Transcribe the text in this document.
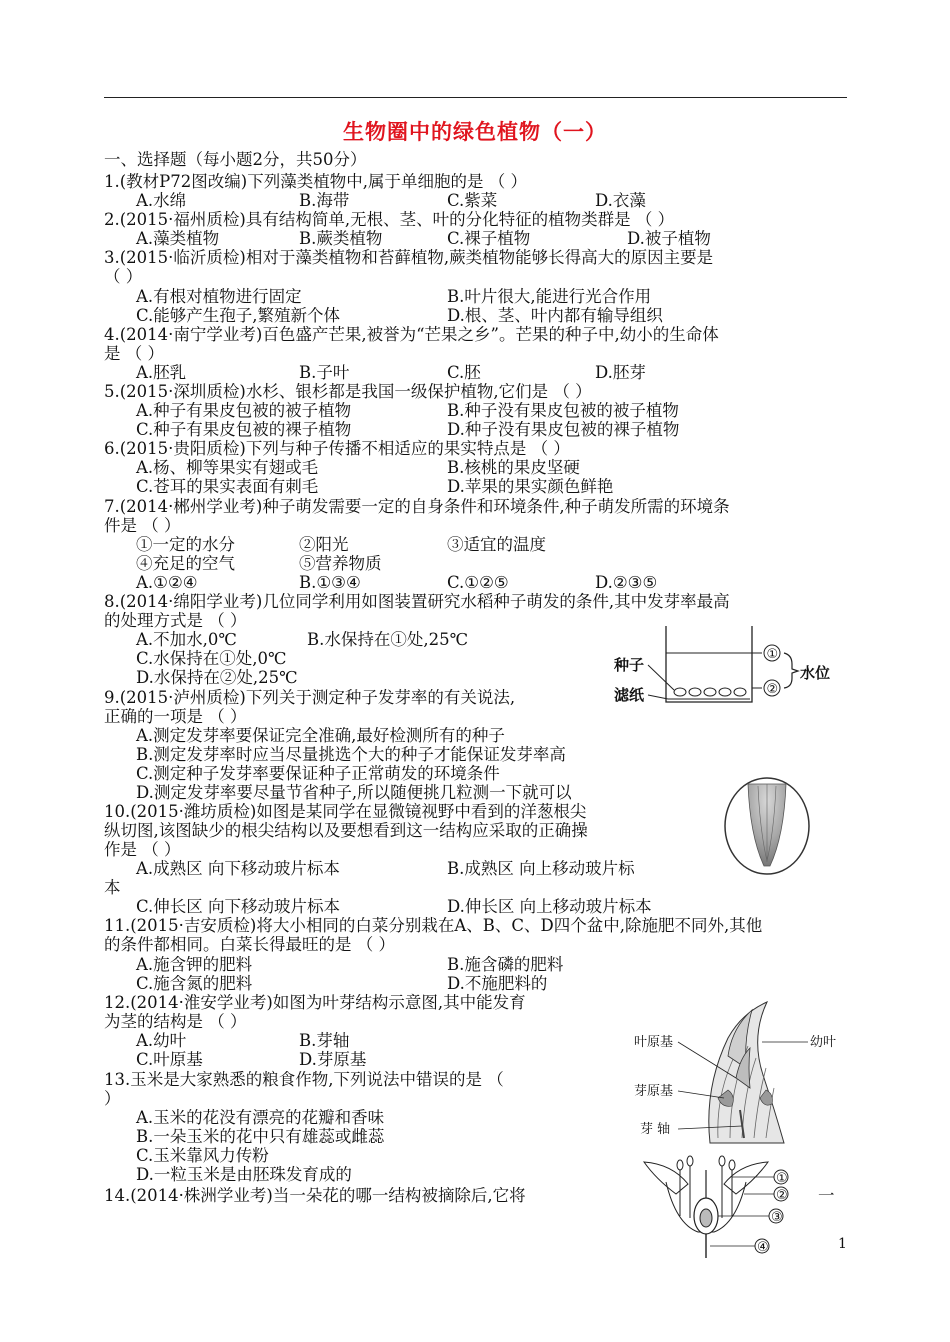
生物圈中的绿色植物（一）
一、选择题（每小题2分，共50分）
1.(教材P72图改编)下列藻类植物中,属于单细胞的是 （ ）
A.水绵	B.海带	C.紫菜	D.衣藻
2.(2015·福州质检)具有结构简单,无根、茎、叶的分化特征的植物类群是 （ ）
A.藻类植物	B.蕨类植物	C.裸子植物	D.被子植物
3.(2015·临沂质检)相对于藻类植物和苔藓植物,蕨类植物能够长得高大的原因主要是
（ ）
A.有根对植物进行固定	B.叶片很大,能进行光合作用
C.能够产生孢子,繁殖新个体	D.根、茎、叶内都有输导组织
4.(2014·南宁学业考)百色盛产芒果,被誉为“芒果之乡”。芒果的种子中,幼小的生命体
是 （ ）
A.胚乳	B.子叶	C.胚	D.胚芽
5.(2015·深圳质检)水杉、银杉都是我国一级保护植物,它们是 （ ）
A.种子有果皮包被的被子植物	B.种子没有果皮包被的被子植物
C.种子有果皮包被的裸子植物	D.种子没有果皮包被的裸子植物
6.(2015·贵阳质检)下列与种子传播不相适应的果实特点是 （ ）
A.杨、柳等果实有翅或毛	B.核桃的果皮坚硬
C.苍耳的果实表面有刺毛	D.苹果的果实颜色鲜艳
7.(2014·郴州学业考)种子萌发需要一定的自身条件和环境条件,种子萌发所需的环境条
件是 （ ）
①一定的水分	②阳光	③适宜的温度
④充足的空气	⑤营养物质
A.①②④	B.①③④	C.①②⑤	D.②③⑤
8.(2014·绵阳学业考)几位同学利用如图装置研究水稻种子萌发的条件,其中发芽率最高
的处理方式是 （ ）
A.不加水,0℃	B.水保持在①处,25℃
C.水保持在①处,0℃
D.水保持在②处,25℃
①
②
水位
种子
滤纸
9.(2015·泸州质检)下列关于测定种子发芽率的有关说法,
正确的一项是 （ ）
A.测定发芽率要保证完全准确,最好检测所有的种子
B.测定发芽率时应当尽量挑选个大的种子才能保证发芽率高
C.测定种子发芽率要保证种子正常萌发的环境条件
D.测定发芽率要尽量节省种子,所以随便挑几粒测一下就可以
10.(2015·潍坊质检)如图是某同学在显微镜视野中看到的洋葱根尖
纵切图,该图缺少的根尖结构以及要想看到这一结构应采取的正确操
作是 （ ）
A.成熟区 向下移动玻片标本	B.成熟区 向上移动玻片标
本
C.伸长区 向下移动玻片标本	D.伸长区 向上移动玻片标本
11.(2015·吉安质检)将大小相同的白菜分别栽在A、B、C、D四个盆中,除施肥不同外,其他
的条件都相同。白菜长得最旺的是 （ ）
A.施含钾的肥料	B.施含磷的肥料
C.施含氮的肥料	D.不施肥料的
12.(2014·淮安学业考)如图为叶芽结构示意图,其中能发育
为茎的结构是 （ ）
A.幼叶	B.芽轴
C.叶原基	D.芽原基
叶原基	幼叶
芽原基
芽 轴
13.玉米是大家熟悉的粮食作物,下列说法中错误的是 （
）
A.玉米的花没有漂亮的花瓣和香味
B.一朵玉米的花中只有雄蕊或雌蕊
C.玉米靠风力传粉
D.一粒玉米是由胚珠发育成的
14.(2014·株洲学业考)当一朵花的哪一结构被摘除后,它将	一
①
②
③
④	1
